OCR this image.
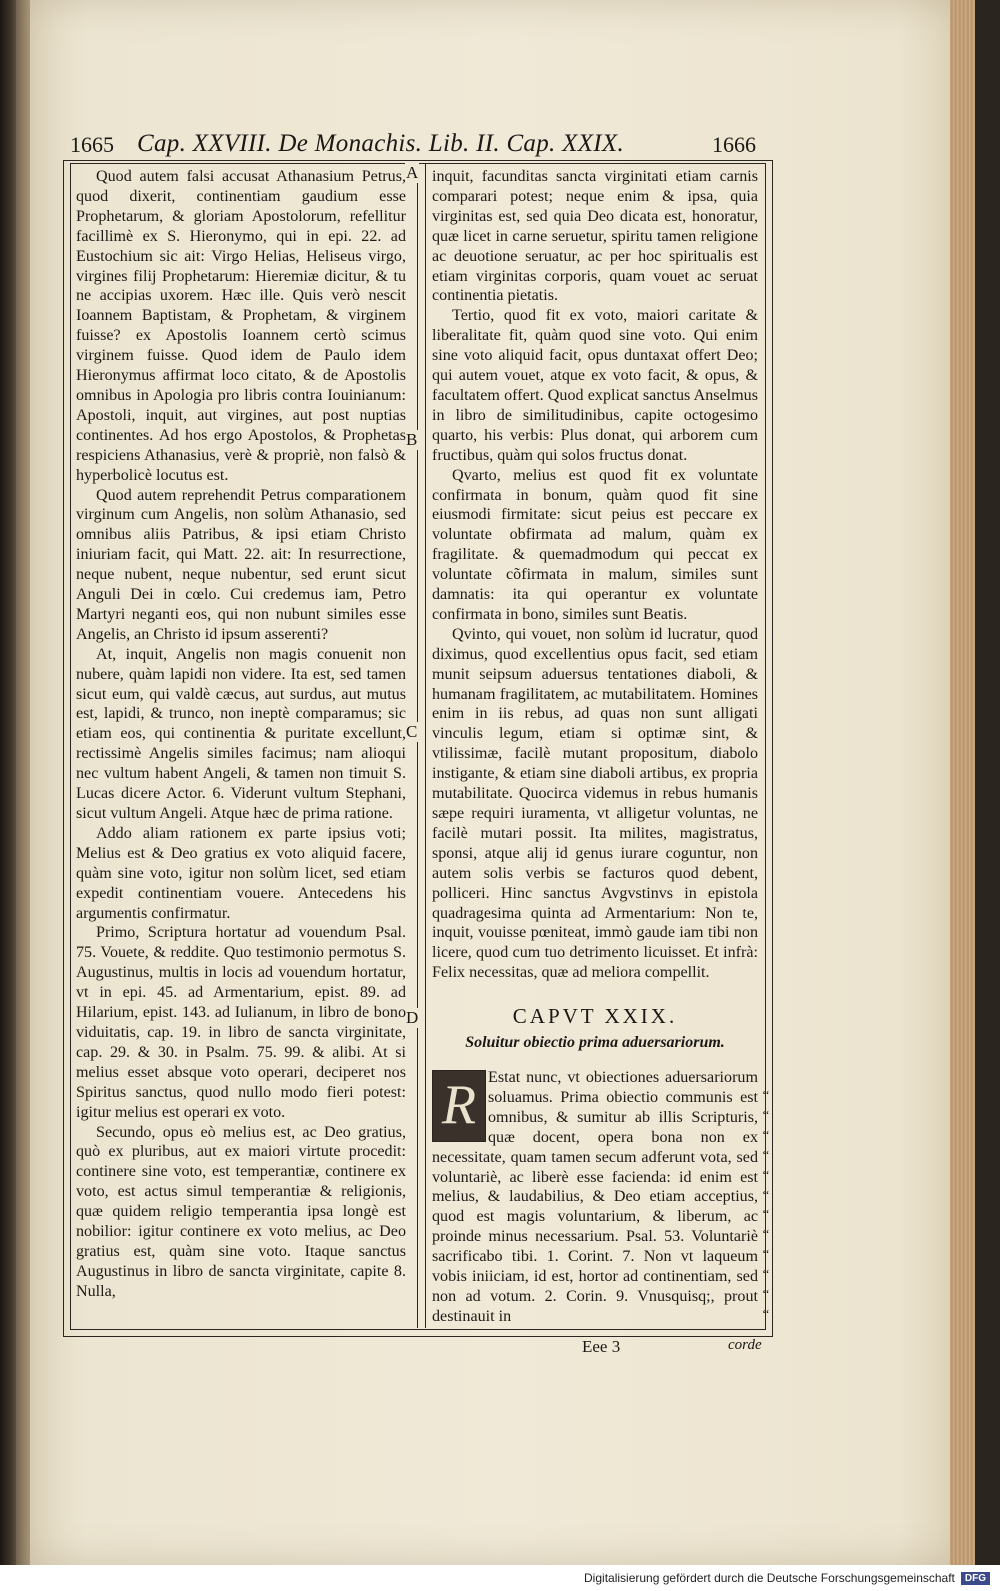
1665 Cap. XXVIII. De Monachis. Lib. II. Cap. XXIX.	1666
A
B
C
D

Quod autem falsi accusat Athanasium Petrus, quod dixerit, continentiam gaudium esse Prophetarum, & gloriam Apostolorum, refellitur facillimè ex S. Hieronymo, qui in epi. 22. ad Eustochium sic ait: Virgo Helias, Heliseus virgo, virgines filij Prophetarum: Hieremiæ dicitur, & tu ne accipias uxorem. Hæc ille. Quis verò nescit Ioannem Baptistam, & Prophetam, & virginem fuisse? ex Apostolis Ioannem certò scimus virginem fuisse. Quod idem de Paulo idem Hieronymus affirmat loco citato, & de Apostolis omnibus in Apologia pro libris contra Iouinianum: Apostoli, inquit, aut virgines, aut post nuptias continentes. Ad hos ergo Apostolos, & Prophetas respiciens Athanasius, verè & propriè, non falsò & hyperbolicè locutus est.

Quod autem reprehendit Petrus comparationem virginum cum Angelis, non solùm Athanasio, sed omnibus aliis Patribus, & ipsi etiam Christo iniuriam facit, qui Matt. 22. ait: In resurrectione, neque nubent, neque nubentur, sed erunt sicut Anguli Dei in cœlo. Cui credemus iam, Petro Martyri neganti eos, qui non nubunt similes esse Angelis, an Christo id ipsum asserenti?

At, inquit, Angelis non magis conuenit non nubere, quàm lapidi non videre. Ita est, sed tamen sicut eum, qui valdè cæcus, aut surdus, aut mutus est, lapidi, & trunco, non ineptè comparamus; sic etiam eos, qui continentia & puritate excellunt, rectissimè Angelis similes facimus; nam alioqui nec vultum habent Angeli, & tamen non timuit S. Lucas dicere Actor. 6. Viderunt vultum Stephani, sicut vultum Angeli. Atque hæc de prima ratione.

Addo aliam rationem ex parte ipsius voti; Melius est & Deo gratius ex voto aliquid facere, quàm sine voto, igitur non solùm licet, sed etiam expedit continentiam vouere. Antecedens his argumentis confirmatur.

Primo, Scriptura hortatur ad vouendum Psal. 75. Vouete, & reddite. Quo testimonio permotus S. Augustinus, multis in locis ad vouendum hortatur, vt in epi. 45. ad Armentarium, epist. 89. ad Hilarium, epist. 143. ad Iulianum, in libro de bono viduitatis, cap. 19. in libro de sancta virginitate, cap. 29. & 30. in Psalm. 75. 99. & alibi. At si melius esset absque voto operari, deciperet nos Spiritus sanctus, quod nullo modo fieri potest: igitur melius est operari ex voto.

Secundo, opus eò melius est, ac Deo gratius, quò ex pluribus, aut ex maiori virtute procedit: continere sine voto, est temperantiæ, continere ex voto, est actus simul temperantiæ & religionis, quæ quidem religio temperantia ipsa longè est nobilior: igitur continere ex voto melius, ac Deo gratius est, quàm sine voto. Itaque sanctus Augustinus in libro de sancta virginitate, capite 8. Nulla,

inquit, facunditas sancta virginitati etiam carnis comparari potest; neque enim & ipsa, quia virginitas est, sed quia Deo dicata est, honoratur, quæ licet in carne seruetur, spiritu tamen religione ac deuotione seruatur, ac per hoc spiritualis est etiam virginitas corporis, quam vouet ac seruat continentia pietatis.

Tertio, quod fit ex voto, maiori caritate & liberalitate fit, quàm quod sine voto. Qui enim sine voto aliquid facit, opus duntaxat offert Deo; qui autem vouet, atque ex voto facit, & opus, & facultatem offert. Quod explicat sanctus Anselmus in libro de similitudinibus, capite octogesimo quarto, his verbis: Plus donat, qui arborem cum fructibus, quàm qui solos fructus donat.

Qvarto, melius est quod fit ex voluntate confirmata in bonum, quàm quod fit sine eiusmodi firmitate: sicut peius est peccare ex voluntate obfirmata ad malum, quàm ex fragilitate. & quemadmodum qui peccat ex voluntate cõfirmata in malum, similes sunt damnatis: ita qui operantur ex voluntate confirmata in bono, similes sunt Beatis.

Qvinto, qui vouet, non solùm id lucratur, quod diximus, quod excellentius opus facit, sed etiam munit seipsum aduersus tentationes diaboli, & humanam fragilitatem, ac mutabilitatem. Homines enim in iis rebus, ad quas non sunt alligati vinculis legum, etiam si optimæ sint, & vtilissimæ, facilè mutant propositum, diabolo instigante, & etiam sine diaboli artibus, ex propria mutabilitate. Quocirca videmus in rebus humanis sæpe requiri iuramenta, vt alligetur voluntas, ne facilè mutari possit. Ita milites, magistratus, sponsi, atque alij id genus iurare coguntur, non autem solis verbis se facturos quod debent, polliceri. Hinc sanctus Avgvstinvs in epistola quadragesima quinta ad Armentarium: Non te, inquit, vouisse pœniteat, immò gaude iam tibi non licere, quod cum tuo detrimento licuisset. Et infrà: Felix necessitas, quæ ad meliora compellit.

CAPVT XXIX.
Soluitur obiectio prima aduersariorum.
R Estat nunc, vt obiectiones aduersariorum soluamus. Prima obiectio communis est omnibus, & sumitur ab illis Scripturis, quæ docent, opera bona non ex necessitate, quam tamen secum adferunt vota, sed voluntariè, ac liberè esse facienda: id enim est melius, & laudabilius, & Deo etiam acceptius, quod est magis voluntarium, & liberum, ac proinde minus necessarium. Psal. 53. Voluntariè sacrificabo tibi. 1. Corint. 7. Non vt laqueum vobis iniiciam, id est, hortor ad continentiam, sed non ad votum. 2. Corin. 9. Vnusquisq;, prout destinauit in

‘‘ ‘‘ ‘‘ ‘‘ ‘‘ ‘‘ ‘‘ ‘‘ ‘‘ ‘‘ ‘‘ ‘‘
Eee 3	corde
Digitalisierung gefördert durch die Deutsche Forschungsgemeinschaft	DFG
